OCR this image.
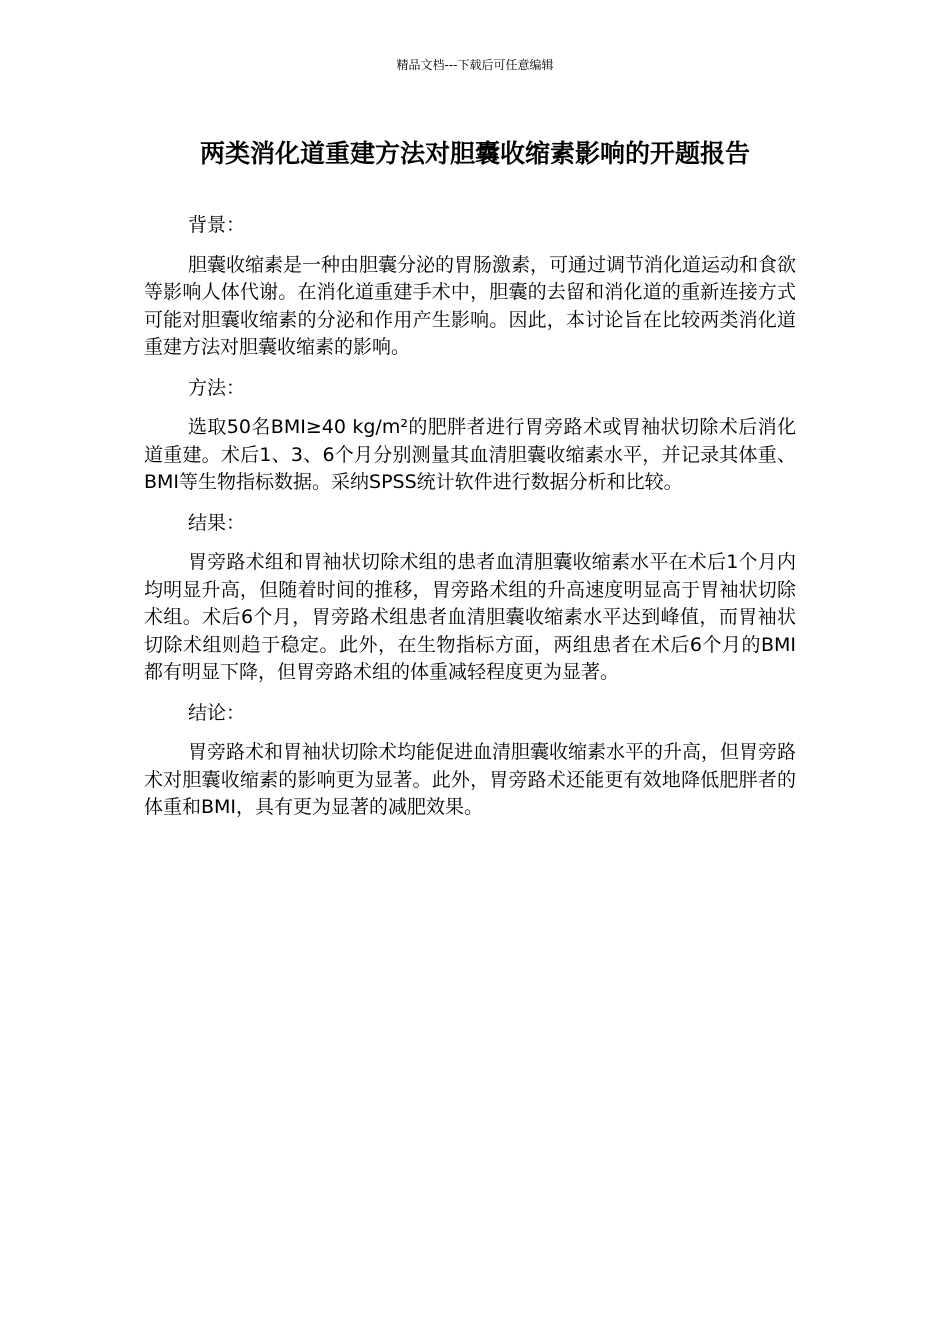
精品文档---下载后可任意编辑
两类消化道重建方法对胆囊收缩素影响的开题报告

背景：

胆囊收缩素是一种由胆囊分泌的胃肠激素，可通过调节消化道运动和食欲等影响人体代谢。在消化道重建手术中，胆囊的去留和消化道的重新连接方式可能对胆囊收缩素的分泌和作用产生影响。因此，本讨论旨在比较两类消化道重建方法对胆囊收缩素的影响。

方法：

选取50名BMI≥40 kg/m²的肥胖者进行胃旁路术或胃袖状切除术后消化道重建。术后1、3、6个月分别测量其血清胆囊收缩素水平，并记录其体重、BMI等生物指标数据。采纳SPSS统计软件进行数据分析和比较。

结果：

胃旁路术组和胃袖状切除术组的患者血清胆囊收缩素水平在术后1个月内均明显升高，但随着时间的推移，胃旁路术组的升高速度明显高于胃袖状切除术组。术后6个月，胃旁路术组患者血清胆囊收缩素水平达到峰值，而胃袖状切除术组则趋于稳定。此外，在生物指标方面，两组患者在术后6个月的BMI都有明显下降，但胃旁路术组的体重减轻程度更为显著。

结论：

胃旁路术和胃袖状切除术均能促进血清胆囊收缩素水平的升高，但胃旁路术对胆囊收缩素的影响更为显著。此外，胃旁路术还能更有效地降低肥胖者的体重和BMI，具有更为显著的减肥效果。
